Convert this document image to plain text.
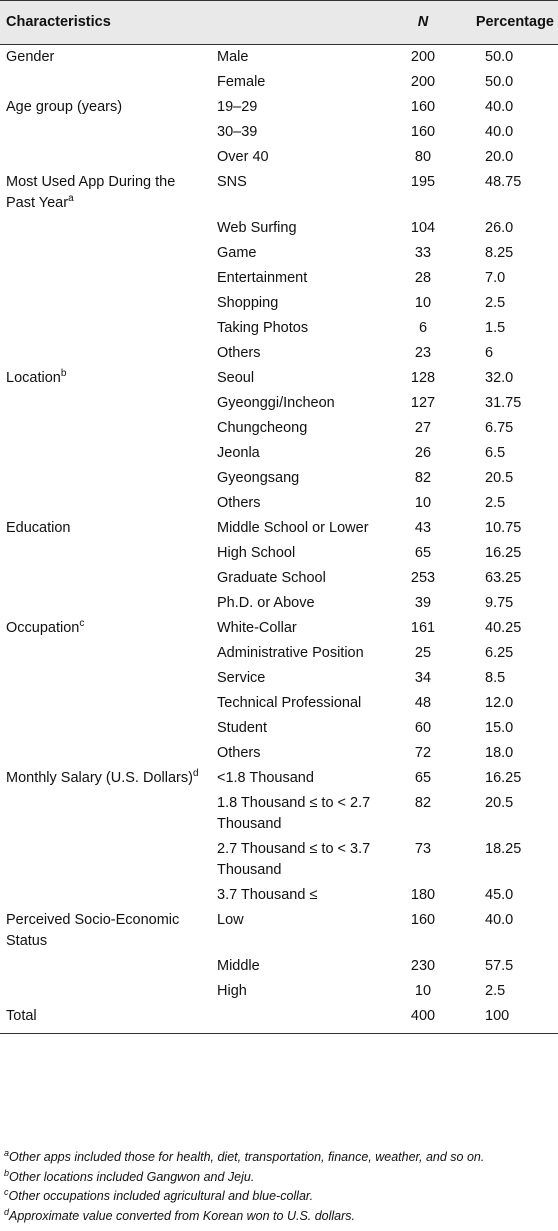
Characteristics		N	Percentage
Gender	Male	200	50.0
	Female	200	50.0
Age group (years)	19–29	160	40.0
	30–39	160	40.0
	Over 40	80	20.0
Most Used App During the Past Year$^a$	SNS	195	48.75
	Web Surfing	104	26.0
	Game	33	8.25
	Entertainment	28	7.0
	Shopping	10	2.5
	Taking Photos	6	1.5
	Others	23	6
Location$^b$	Seoul	128	32.0
	Gyeonggi/Incheon	127	31.75
	Chungcheong	27	6.75
	Jeonla	26	6.5
	Gyeongsang	82	20.5
	Others	10	2.5
Education	Middle School or Lower	43	10.75
	High School	65	16.25
	Graduate School	253	63.25
	Ph.D. or Above	39	9.75
Occupation$^c$	White-Collar	161	40.25
	Administrative Position	25	6.25
	Service	34	8.5
	Technical Professional	48	12.0
	Student	60	15.0
	Others	72	18.0
Monthly Salary (U.S. Dollars)$^d$	<1.8 Thousand	65	16.25
	1.8 Thousand ≤ to < 2.7 Thousand	82	20.5
	2.7 Thousand ≤ to < 3.7 Thousand	73	18.25
	3.7 Thousand ≤	180	45.0
Perceived Socio-Economic Status	Low	160	40.0
	Middle	230	57.5
	High	10	2.5
Total		400	100
$^a$Other apps included those for health, diet, transportation, finance, weather, and so on.
$^b$Other locations included Gangwon and Jeju.
$^c$Other occupations included agricultural and blue-collar.
$^d$Approximate value converted from Korean won to U.S. dollars.
